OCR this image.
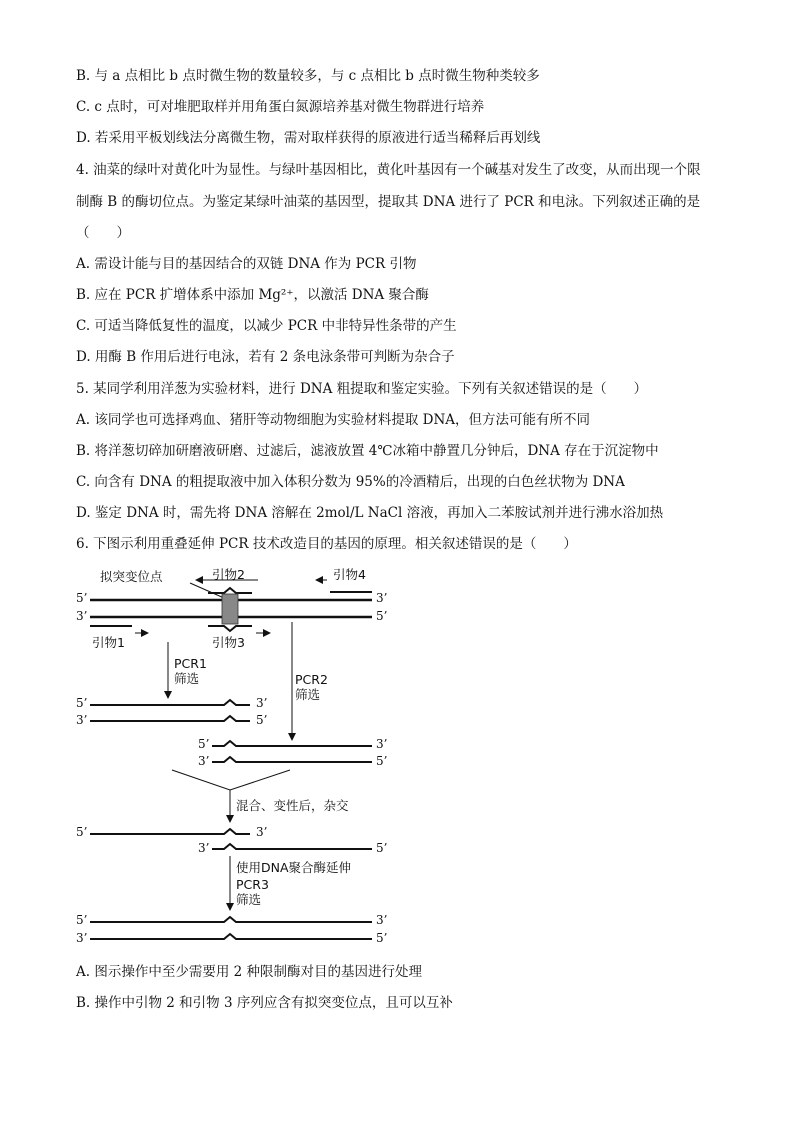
B. 与 a 点相比 b 点时微生物的数量较多，与 c 点相比 b 点时微生物种类较多
C. c 点时，可对堆肥取样并用角蛋白氮源培养基对微生物群进行培养
D. 若采用平板划线法分离微生物，需对取样获得的原液进行适当稀释后再划线
4. 油菜的绿叶对黄化叶为显性。与绿叶基因相比，黄化叶基因有一个碱基对发生了改变，从而出现一个限
制酶 B 的酶切位点。为鉴定某绿叶油菜的基因型，提取其 DNA 进行了 PCR 和电泳。下列叙述正确的是
（　　）
A. 需设计能与目的基因结合的双链 DNA 作为 PCR 引物
B. 应在 PCR 扩增体系中添加 Mg²⁺，以激活 DNA 聚合酶
C. 可适当降低复性的温度，以减少 PCR 中非特异性条带的产生
D. 用酶 B 作用后进行电泳，若有 2 条电泳条带可判断为杂合子
5. 某同学利用洋葱为实验材料，进行 DNA 粗提取和鉴定实验。下列有关叙述错误的是（　　）
A. 该同学也可选择鸡血、猪肝等动物细胞为实验材料提取 DNA，但方法可能有所不同
B. 将洋葱切碎加研磨液研磨、过滤后，滤液放置 4℃冰箱中静置几分钟后，DNA 存在于沉淀物中
C. 向含有 DNA 的粗提取液中加入体积分数为 95%的冷酒精后，出现的白色丝状物为 DNA
D. 鉴定 DNA 时，需先将 DNA 溶解在 2mol/L NaCl 溶液，再加入二苯胺试剂并进行沸水浴加热
6. 下图示利用重叠延伸 PCR 技术改造目的基因的原理。相关叙述错误的是（　　）
拟突变位点	引物2	引物4
5’	3’
3’	5’
引物1	引物3
PCR1
筛选	PCR2
筛选
5’	3’
3’	5’
5’	3’
3’	5’
混合、变性后，杂交
5’	3’
3’	5’
使用DNA聚合酶延伸
PCR3
筛选
5’	3’
3’	5’
A. 图示操作中至少需要用 2 种限制酶对目的基因进行处理
B. 操作中引物 2 和引物 3 序列应含有拟突变位点，且可以互补
